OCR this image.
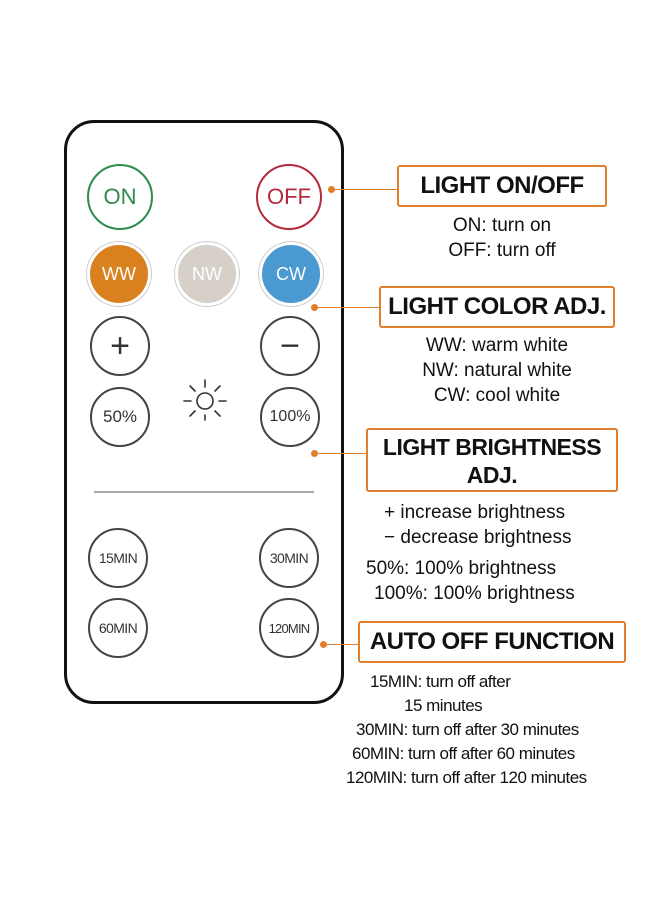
ON	OFF
WW	NW	CW
+	−
50%	100%
15MIN	30MIN
60MIN	120MIN
LIGHT ON/OFF
ON: turn on
OFF: turn off
LIGHT COLOR ADJ.
WW: warm white
NW: natural white
CW: cool white
LIGHT BRIGHTNESS
ADJ.
+ increase brightness
− decrease brightness
50%: 100% brightness
100%: 100% brightness
AUTO OFF FUNCTION
15MIN: turn off after
15 minutes
30MIN: turn off after 30 minutes
60MIN: turn off after 60 minutes
120MIN: turn off after 120 minutes
